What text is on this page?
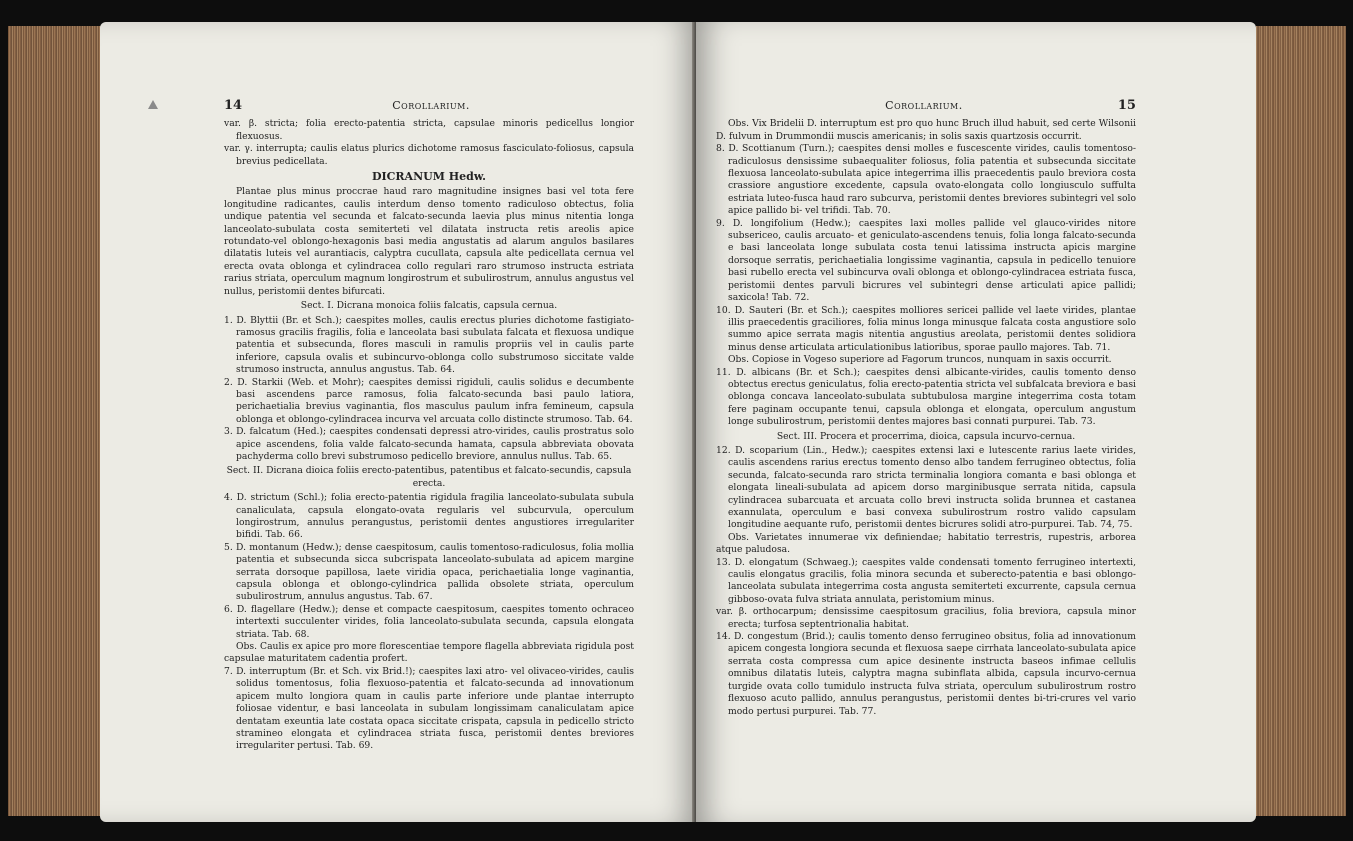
14	Corollarium.

var. β. stricta; folia erecto-patentia stricta, capsulae minoris pedicellus longior flexuosus.

var. γ. interrupta; caulis elatus plurics dichotome ramosus fasciculato-foliosus, capsula brevius pedicellata.

DICRANUM Hedw.

Plantae plus minus proccrae haud raro magnitudine insignes basi vel tota fere longitudine radicantes, caulis interdum denso tomento radiculoso obtectus, folia undique patentia vel secunda et falcato-secunda laevia plus minus nitentia longa lanceolato-subulata costa semiterteti vel dilatata instructa retis areolis apice rotundato-vel oblongo-hexagonis basi media angustatis ad alarum angulos basilares dilatatis luteis vel aurantiacis, calyptra cucullata, capsula alte pedicellata cernua vel erecta ovata oblonga et cylindracea collo regulari raro strumoso instructa estriata rarius striata, operculum magnum longirostrum et subulirostrum, annulus angustus vel nullus, peristomii dentes bifurcati.

Sect. I. Dicrana monoica foliis falcatis, capsula cernua.

1. D. Blyttii (Br. et Sch.); caespites molles, caulis erectus pluries dichotome fastigiato-ramosus gracilis fragilis, folia e lanceolata basi subulata falcata et flexuosa undique patentia et subsecunda, flores masculi in ramulis propriis vel in caulis parte inferiore, capsula ovalis et subincurvo-oblonga collo substrumoso siccitate valde strumoso instructa, annulus angustus. Tab. 64.

2. D. Starkii (Web. et Mohr); caespites demissi rigiduli, caulis solidus e decumbente basi ascendens parce ramosus, folia falcato-secunda basi paulo latiora, perichaetialia brevius vaginantia, flos masculus paulum infra femineum, capsula oblonga et oblongo-cylindracea incurva vel arcuata collo distincte strumoso. Tab. 64.

3. D. falcatum (Hed.); caespites condensati depressi atro-virides, caulis prostratus solo apice ascendens, folia valde falcato-secunda hamata, capsula abbreviata obovata pachyderma collo brevi substrumoso pedicello breviore, annulus nullus. Tab. 65.

Sect. II. Dicrana dioica foliis erecto-patentibus, patentibus et falcato-secundis, capsula erecta.

4. D. strictum (Schl.); folia erecto-patentia rigidula fragilia lanceolato-subulata subula canaliculata, capsula elongato-ovata regularis vel subcurvula, operculum longirostrum, annulus perangustus, peristomii dentes angustiores irregulariter bifidi. Tab. 66.

5. D. montanum (Hedw.); dense caespitosum, caulis tomentoso-radiculosus, folia mollia patentia et subsecunda sicca subcrispata lanceolato-subulata ad apicem margine serrata dorsoque papillosa, laete viridia opaca, perichaetialia longe vaginantia, capsula oblonga et oblongo-cylindrica pallida obsolete striata, operculum subulirostrum, annulus angustus. Tab. 67.

6. D. flagellare (Hedw.); dense et compacte caespitosum, caespites tomento ochraceo intertexti succulenter virides, folia lanceolato-subulata secunda, capsula elongata striata. Tab. 68.

Obs. Caulis ex apice pro more florescentiae tempore flagella abbreviata rigidula post capsulae maturitatem cadentia profert.

7. D. interruptum (Br. et Sch. vix Brid.!); caespites laxi atro- vel olivaceo-virides, caulis solidus tomentosus, folia flexuoso-patentia et falcato-secunda ad innovationum apicem multo longiora quam in caulis parte inferiore unde plantae interrupto foliosae videntur, e basi lanceolata in subulam longissimam canaliculatam apice dentatam exeuntia late costata opaca siccitate crispata, capsula in pedicello stricto stramineo elongata et cylindracea striata fusca, peristomii dentes breviores irregulariter pertusi. Tab. 69.

Corollarium.	15

Obs. Vix Bridelii D. interruptum est pro quo hunc Bruch illud habuit, sed certe Wilsonii D. fulvum in Drummondii muscis americanis; in solis saxis quartzosis occurrit.

8. D. Scottianum (Turn.); caespites densi molles e fuscescente virides, caulis tomentoso-radiculosus densissime subaequaliter foliosus, folia patentia et subsecunda siccitate flexuosa lanceolato-subulata apice integerrima illis praecedentis paulo breviora costa crassiore angustiore excedente, capsula ovato-elongata collo longiusculo suffulta estriata luteo-fusca haud raro subcurva, peristomii dentes breviores subintegri vel solo apice pallido bi- vel trifidi. Tab. 70.

9. D. longifolium (Hedw.); caespites laxi molles pallide vel glauco-virides nitore subsericeo, caulis arcuato- et geniculato-ascendens tenuis, folia longa falcato-secunda e basi lanceolata longe subulata costa tenui latissima instructa apicis margine dorsoque serratis, perichaetialia longissime vaginantia, capsula in pedicello tenuiore basi rubello erecta vel subincurva ovali oblonga et oblongo-cylindracea estriata fusca, peristomii dentes parvuli bicrures vel subintegri dense articulati apice pallidi; saxicola! Tab. 72.

10. D. Sauteri (Br. et Sch.); caespites molliores sericei pallide vel laete virides, plantae illis praecedentis graciliores, folia minus longa minusque falcata costa angustiore solo summo apice serrata magis nitentia angustius areolata, peristomii dentes solidiora minus dense articulata articulationibus latioribus, sporae paullo majores. Tab. 71.

Obs. Copiose in Vogeso superiore ad Fagorum truncos, nunquam in saxis occurrit.

11. D. albicans (Br. et Sch.); caespites densi albicante-virides, caulis tomento denso obtectus erectus geniculatus, folia erecto-patentia stricta vel subfalcata breviora e basi oblonga concava lanceolato-subulata subtubulosa margine integerrima costa totam fere paginam occupante tenui, capsula oblonga et elongata, operculum angustum longe subulirostrum, peristomii dentes majores basi connati purpurei. Tab. 73.

Sect. III. Procera et procerrima, dioica, capsula incurvo-cernua.

12. D. scoparium (Lin., Hedw.); caespites extensi laxi e lutescente rarius laete virides, caulis ascendens rarius erectus tomento denso albo tandem ferrugineo obtectus, folia secunda, falcato-secunda raro stricta terminalia longiora comanta e basi oblonga et elongata lineali-subulata ad apicem dorso marginibusque serrata nitida, capsula cylindracea subarcuata et arcuata collo brevi instructa solida brunnea et castanea exannulata, operculum e basi convexa subulirostrum rostro valido capsulam longitudine aequante rufo, peristomii dentes bicrures solidi atro-purpurei. Tab. 74, 75.

Obs. Varietates innumerae vix definiendae; habitatio terrestris, rupestris, arborea atque paludosa.

13. D. elongatum (Schwaeg.); caespites valde condensati tomento ferrugineo intertexti, caulis elongatus gracilis, folia minora secunda et suberecto-patentia e basi oblongo-lanceolata subulata integerrima costa angusta semiterteti excurrente, capsula cernua gibboso-ovata fulva striata annulata, peristomium minus.

var. β. orthocarpum; densissime caespitosum gracilius, folia breviora, capsula minor erecta; turfosa septentrionalia habitat.

14. D. congestum (Brid.); caulis tomento denso ferrugineo obsitus, folia ad innovationum apicem congesta longiora secunda et flexuosa saepe cirrhata lanceolato-subulata apice serrata costa compressa cum apice desinente instructa baseos infimae cellulis omnibus dilatatis luteis, calyptra magna subinflata albida, capsula incurvo-cernua turgide ovata collo tumidulo instructa fulva striata, operculum subulirostrum rostro flexuoso acuto pallido, annulus perangustus, peristomii dentes bi-tri-crures vel vario modo pertusi purpurei. Tab. 77.
